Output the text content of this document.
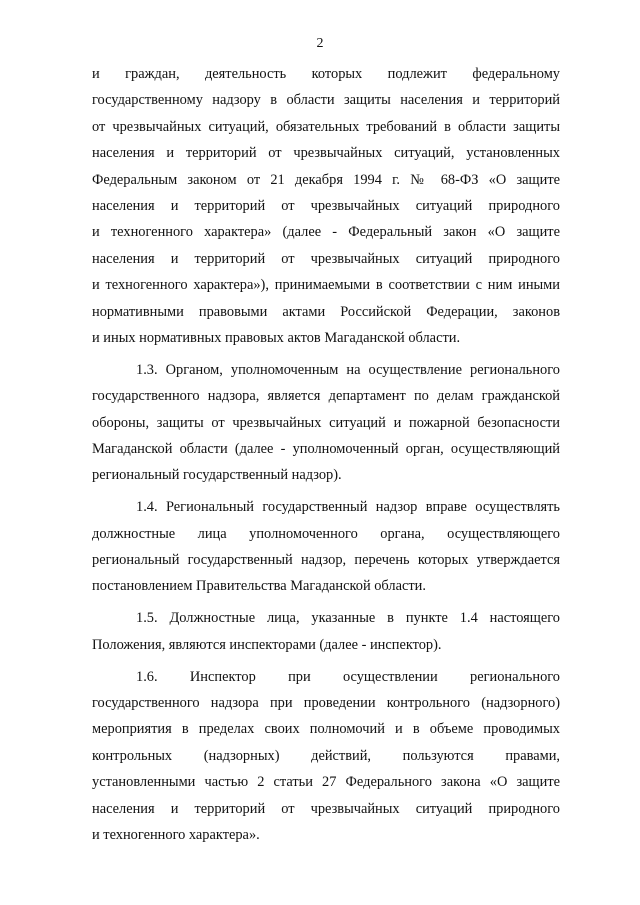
2
и граждан, деятельность которых подлежит федеральному
государственному надзору в области защиты населения и территорий
от чрезвычайных ситуаций, обязательных требований в области защиты
населения и территорий от чрезвычайных ситуаций, установленных
Федеральным законом от 21 декабря 1994 г. № 68-ФЗ «О защите
населения и территорий от чрезвычайных ситуаций природного
и техногенного характера» (далее - Федеральный закон «О защите
населения и территорий от чрезвычайных ситуаций природного
и техногенного характера»), принимаемыми в соответствии с ним иными
нормативными правовыми актами Российской Федерации, законов
и иных нормативных правовых актов Магаданской области.
1.3. Органом, уполномоченным на осуществление регионального
государственного надзора, является департамент по делам гражданской
обороны, защиты от чрезвычайных ситуаций и пожарной безопасности
Магаданской области (далее - уполномоченный орган, осуществляющий
региональный государственный надзор).
1.4. Региональный государственный надзор вправе осуществлять
должностные лица уполномоченного органа, осуществляющего
региональный государственный надзор, перечень которых утверждается
постановлением Правительства Магаданской области.
1.5. Должностные лица, указанные в пункте 1.4 настоящего
Положения, являются инспекторами (далее - инспектор).
1.6. Инспектор при осуществлении регионального
государственного надзора при проведении контрольного (надзорного)
мероприятия в пределах своих полномочий и в объеме проводимых
контрольных (надзорных) действий, пользуются правами,
установленными частью 2 статьи 27 Федерального закона «О защите
населения и территорий от чрезвычайных ситуаций природного
и техногенного характера».
